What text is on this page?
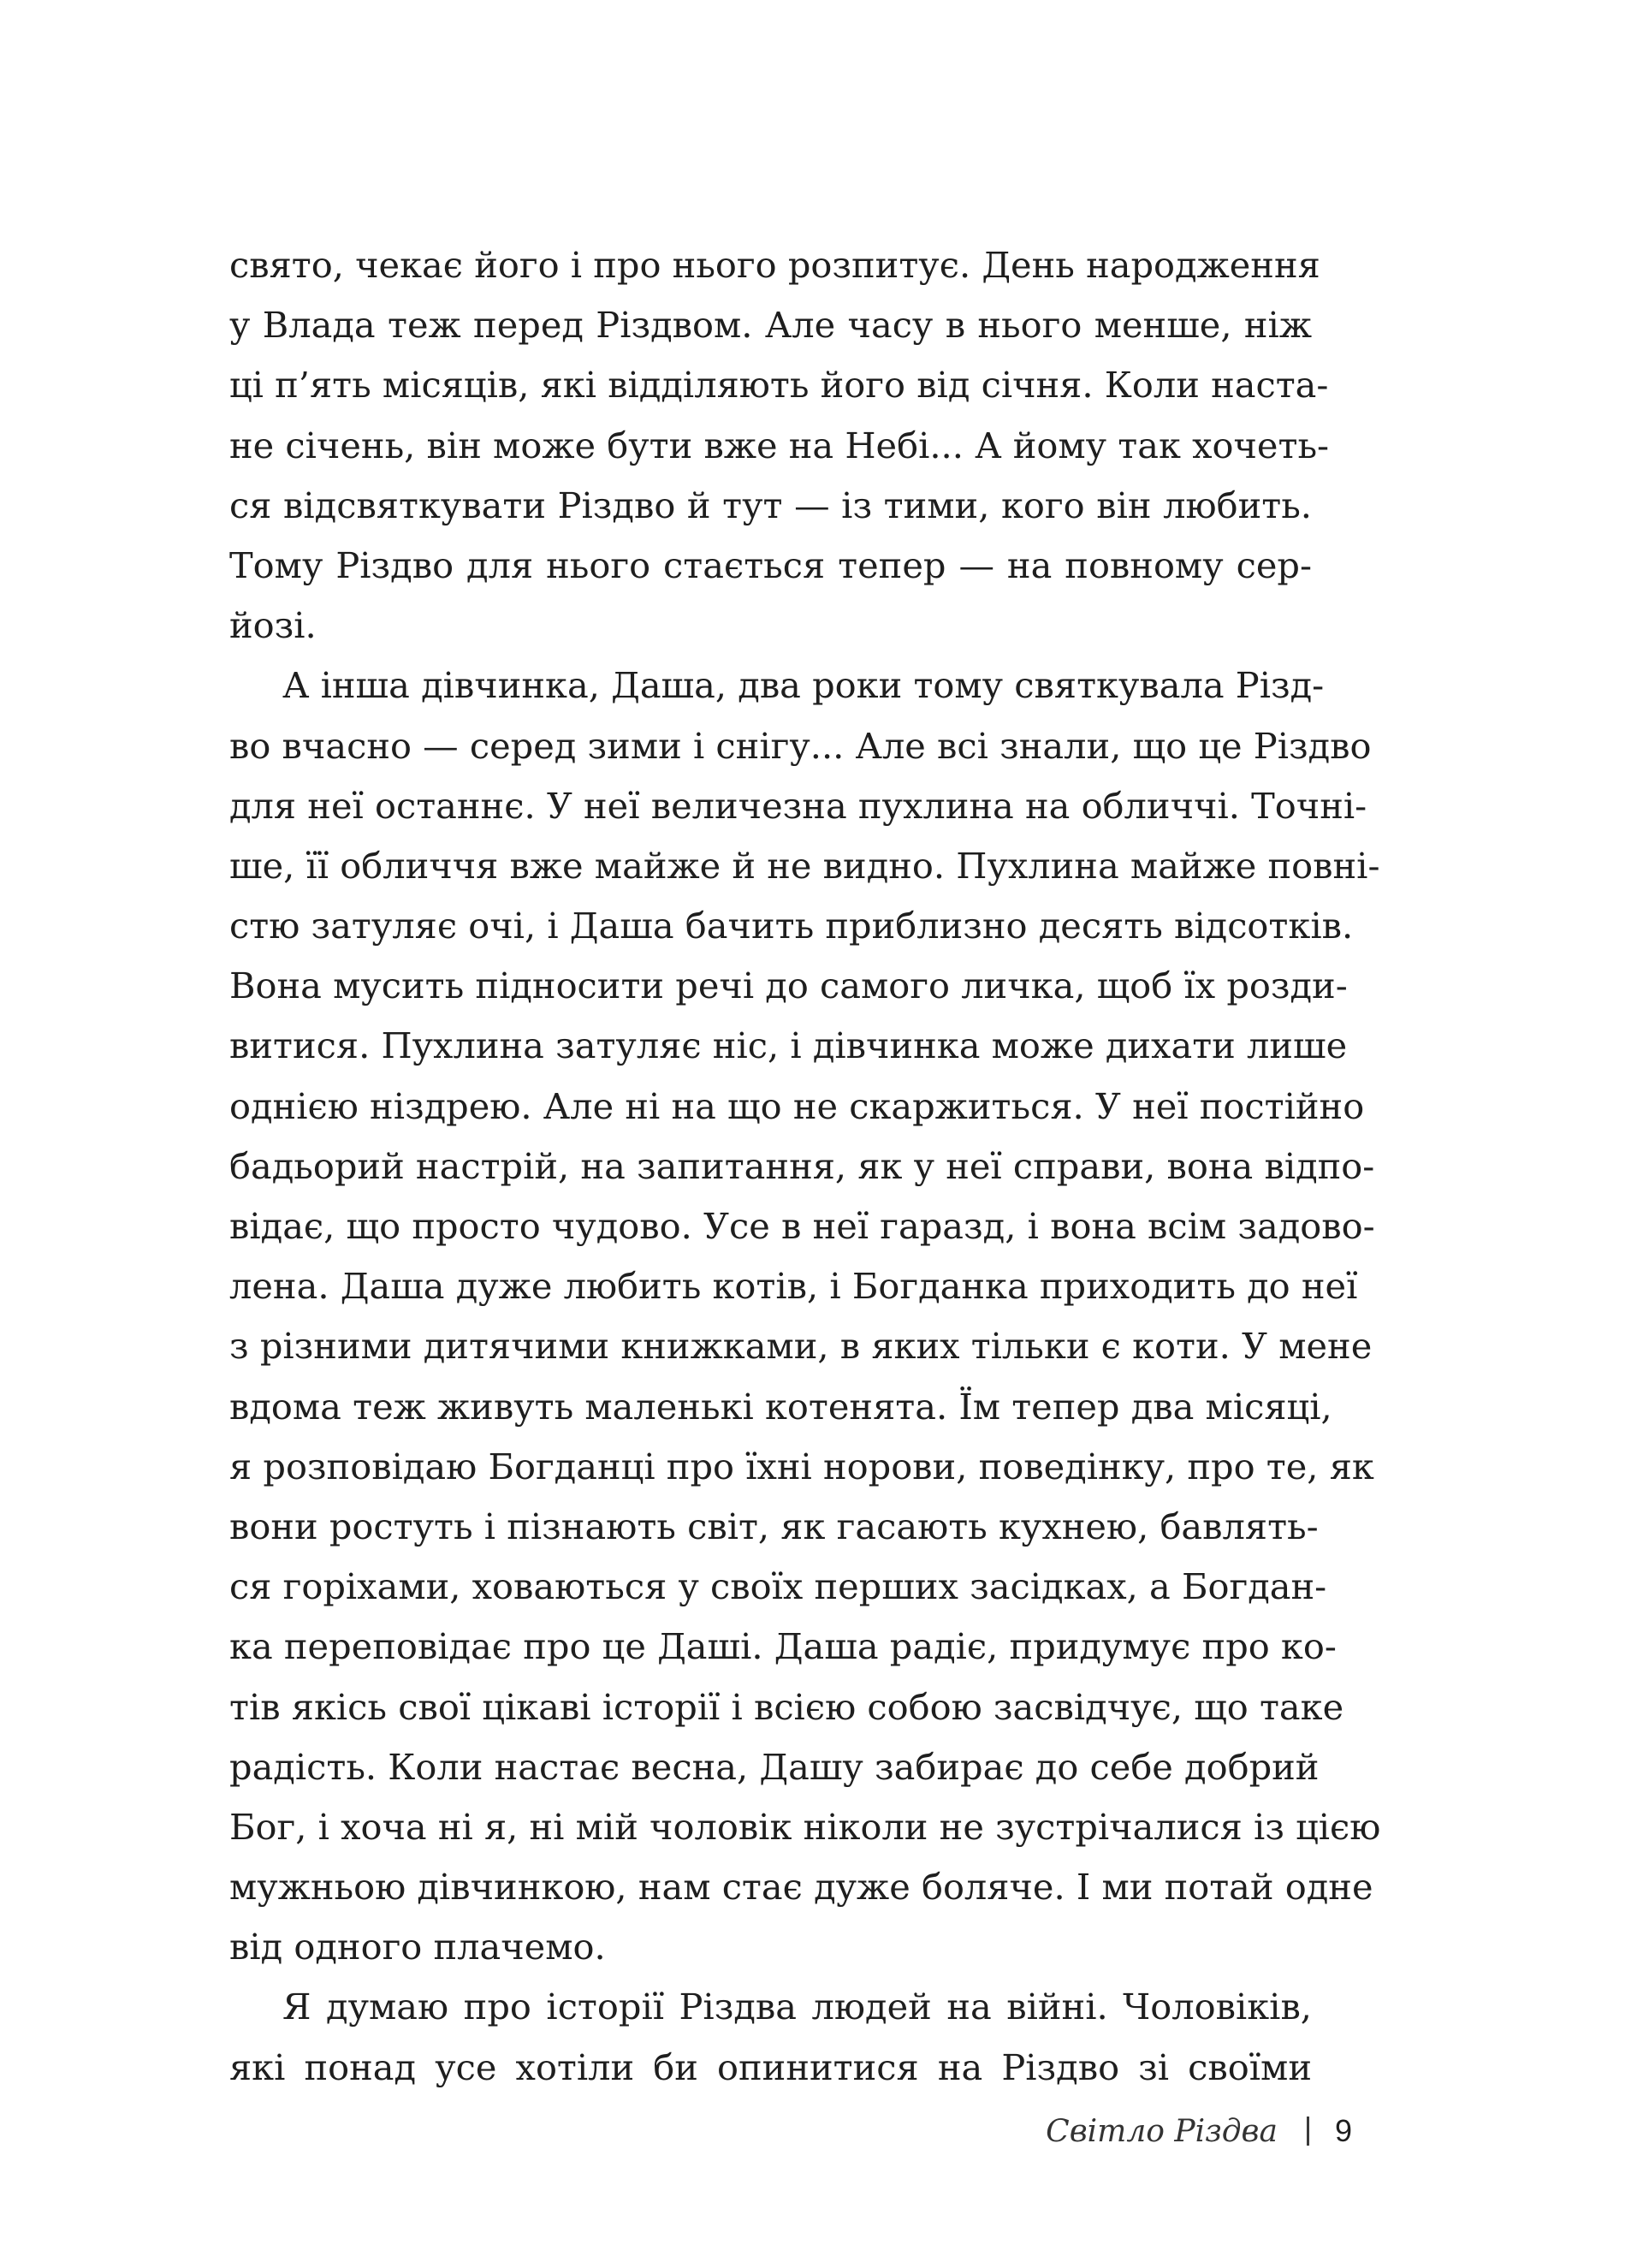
свято, чекає його і про нього розпитує. День народження
у Влада теж перед Різдвом. Але часу в нього менше, ніж
ці п’ять місяців, які відділяють його від січня. Коли наста-
не січень, він може бути вже на Небі... А йому так хочеть-
ся відсвяткувати Різдво й тут — із тими, кого він любить.
Тому Різдво для нього стається тепер — на повному сер-
йозі.
А інша дівчинка, Даша, два роки тому святкувала Різд-
во вчасно — серед зими і снігу... Але всі знали, що це Різдво
для неї останнє. У неї величезна пухлина на обличчі. Точні-
ше, її обличчя вже майже й не видно. Пухлина майже повні-
стю затуляє очі, і Даша бачить приблизно десять відсотків.
Вона мусить підносити речі до самого личка, щоб їх розди-
витися. Пухлина затуляє ніс, і дівчинка може дихати лише
однією ніздрею. Але ні на що не скаржиться. У неї постійно
бадьорий настрій, на запитання, як у неї справи, вона відпо-
відає, що просто чудово. Усе в неї гаразд, і вона всім задово-
лена. Даша дуже любить котів, і Богданка приходить до неї
з різними дитячими книжками, в яких тільки є коти. У мене
вдома теж живуть маленькі котенята. Їм тепер два місяці,
я розповідаю Богданці про їхні норови, поведінку, про те, як
вони ростуть і пізнають світ, як гасають кухнею, бавлять-
ся горіхами, ховаються у своїх перших засідках, а Богдан-
ка переповідає про це Даші. Даша радіє, придумує про ко-
тів якісь свої цікаві історії і всією собою засвідчує, що таке
радість. Коли настає весна, Дашу забирає до себе добрий
Бог, і хоча ні я, ні мій чоловік ніколи не зустрічалися із цією
мужньою дівчинкою, нам стає дуже боляче. І ми потай одне
від одного плачемо.
Я думаю про історії Різдва людей на війні. Чоловіків,
які понад усе хотіли би опинитися на Різдво зі своїми
Світло Різдва 9
